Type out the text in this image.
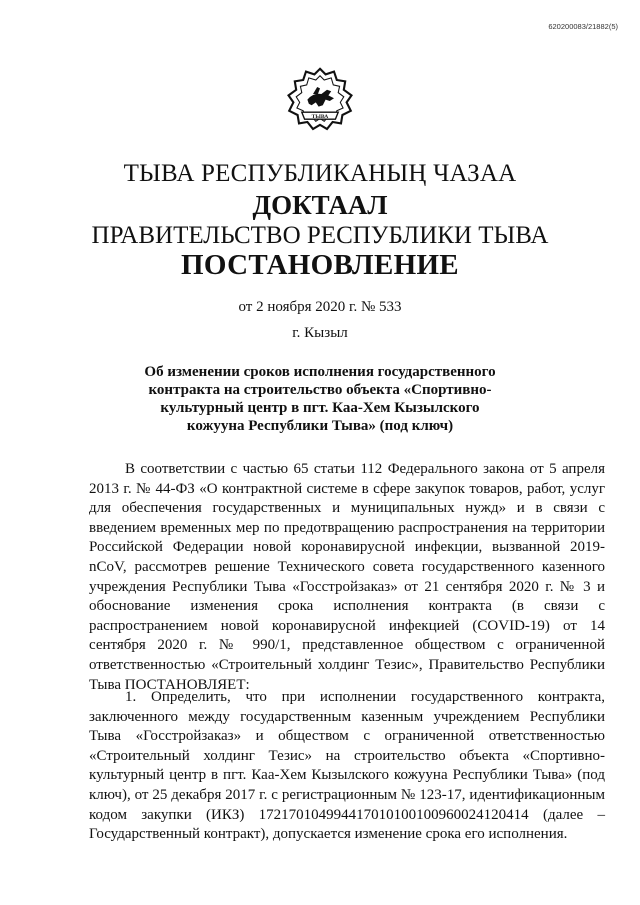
620200083/21882(5)
ТЫВА
ТЫВА РЕСПУБЛИКАНЫҢ ЧАЗАА
ДОКТААЛ
ПРАВИТЕЛЬСТВО РЕСПУБЛИКИ ТЫВА
ПОСТАНОВЛЕНИЕ
от 2 ноября 2020 г. № 533
г. Кызыл
Об изменении сроков исполнения государственного контракта на строительство объекта «Спортивно-культурный центр в пгт. Каа-Хем Кызылского кожууна Республики Тыва» (под ключ)

В соответствии с частью 65 статьи 112 Федерального закона от 5 апреля 2013 г. № 44-ФЗ «О контрактной системе в сфере закупок товаров, работ, услуг для обеспечения государственных и муниципальных нужд» и в связи с введением временных мер по предотвращению распространения на территории Российской Федерации новой коронавирусной инфекции, вызванной 2019-nCoV, рассмотрев решение Технического совета государственного казенного учреждения Республики Тыва «Госстройзаказ» от 21 сентября 2020 г. № 3 и обоснование изменения срока исполнения контракта (в связи с распространением новой коронавирусной инфекцией (COVID-19) от 14 сентября 2020 г. № 990/1, представленное обществом с ограниченной ответственностью «Строительный холдинг Тезис», Правительство Республики Тыва ПОСТАНОВЛЯЕТ:

1. Определить, что при исполнении государственного контракта, заключенного между государственным казенным учреждением Республики Тыва «Госстройзаказ» и обществом с ограниченной ответственностью «Строительный холдинг Тезис» на строительство объекта «Спортивно-культурный центр в пгт. Каа-Хем Кызылского кожууна Республики Тыва» (под ключ), от 25 декабря 2017 г. с регистрационным № 123-17, идентификационным кодом закупки (ИКЗ) 172170104994417010100100960024120414 (далее – Государственный контракт), допускается изменение срока его исполнения.
